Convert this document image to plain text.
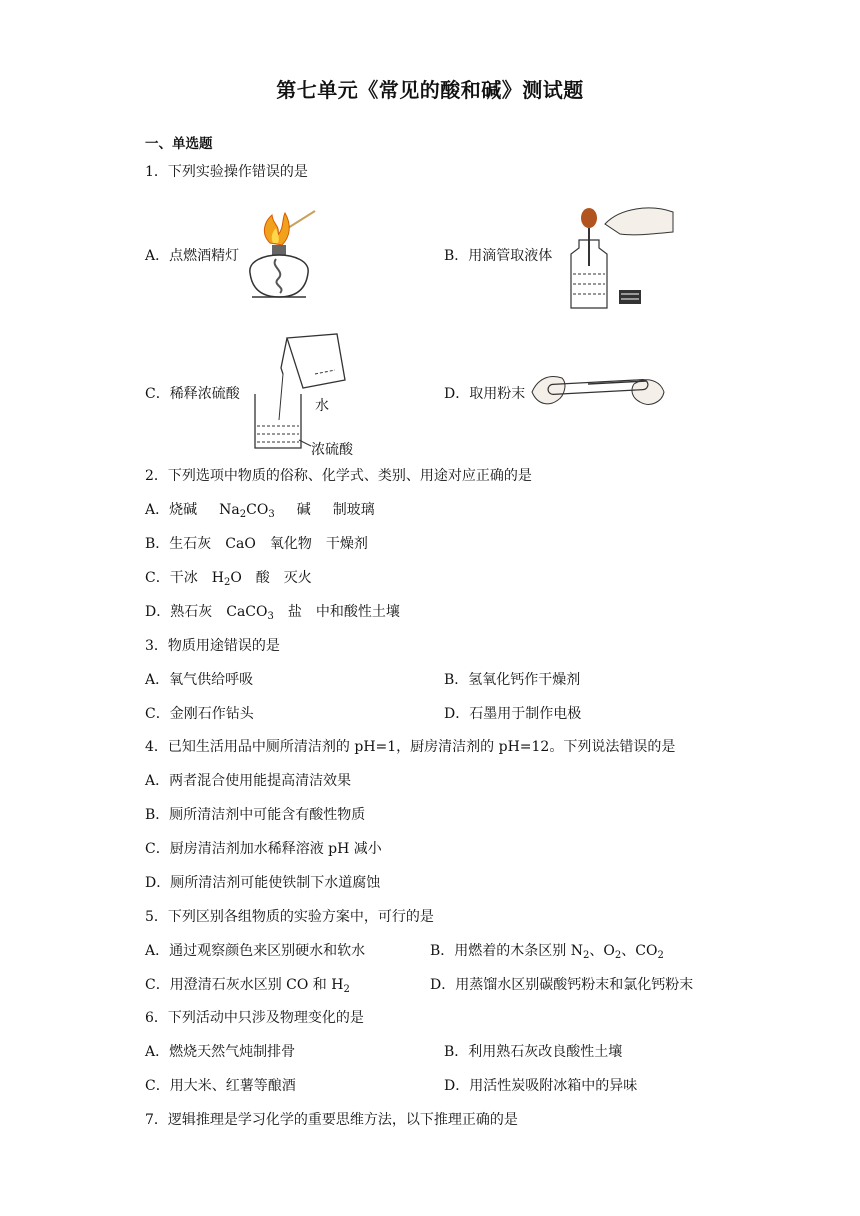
第七单元《常见的酸和碱》测试题
一、单选题
1．下列实验操作错误的是
A．点燃酒精灯	B．用滴管取液体
C．稀释浓硫酸
水
浓硫酸
D．取用粉末
2．下列选项中物质的俗称、化学式、类别、用途对应正确的是
A．烧碱 $Na_2CO_3$ 碱 制玻璃
B．生石灰 CaO 氧化物 干燥剂
C．干冰 $H_2O$ 酸 灭火
D．熟石灰 CaCO$_3$ 盐 中和酸性土壤
3．物质用途错误的是
A．氧气供给呼吸	B．氢氧化钙作干燥剂
C．金刚石作钻头	D．石墨用于制作电极
4．已知生活用品中厕所清洁剂的 pH=1，厨房清洁剂的 pH=12。下列说法错误的是
A．两者混合使用能提高清洁效果
B．厕所清洁剂中可能含有酸性物质
C．厨房清洁剂加水稀释溶液 pH 减小
D．厕所清洁剂可能使铁制下水道腐蚀
5．下列区别各组物质的实验方案中，可行的是
A．通过观察颜色来区别硬水和软水	B．用燃着的木条区别 $N_2$、$O_2$、$CO_2$
C．用澄清石灰水区别 CO 和 $H_2$	D．用蒸馏水区别碳酸钙粉末和氯化钙粉末
6．下列活动中只涉及物理变化的是
A．燃烧天然气炖制排骨	B．利用熟石灰改良酸性土壤
C．用大米、红薯等酿酒	D．用活性炭吸附冰箱中的异味
7．逻辑推理是学习化学的重要思维方法，以下推理正确的是
